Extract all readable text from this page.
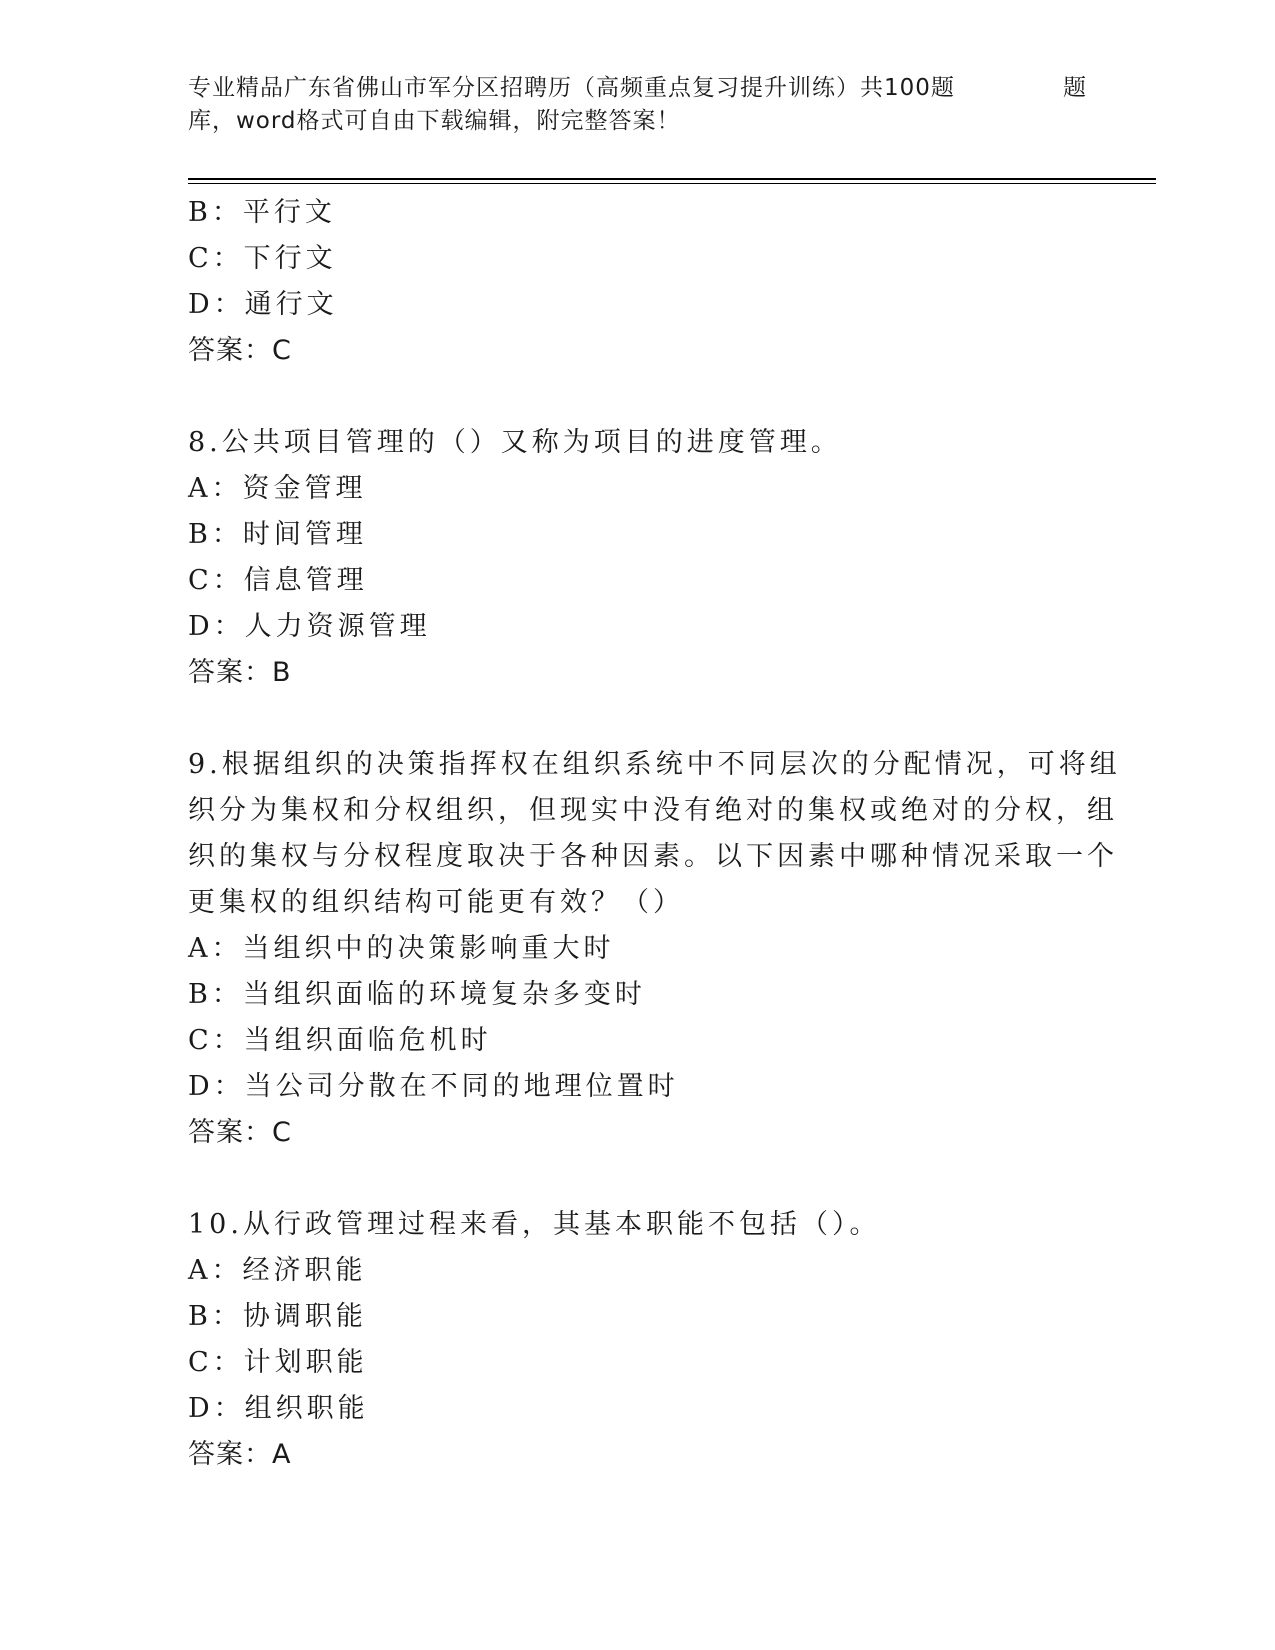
专业精品广东省佛山市军分区招聘历（高频重点复习提升训练）共100题	题
库，word格式可自由下载编辑，附完整答案！
B：平行文
C：下行文
D：通行文
答案：C
8.公共项目管理的（）又称为项目的进度管理。
A：资金管理
B：时间管理
C：信息管理
D：人力资源管理
答案：B
9.根据组织的决策指挥权在组织系统中不同层次的分配情况，可将组
织分为集权和分权组织，但现实中没有绝对的集权或绝对的分权，组
织的集权与分权程度取决于各种因素。以下因素中哪种情况采取一个
更集权的组织结构可能更有效？（）
A：当组织中的决策影响重大时
B：当组织面临的环境复杂多变时
C：当组织面临危机时
D：当公司分散在不同的地理位置时
答案：C
10.从行政管理过程来看，其基本职能不包括（）。
A：经济职能
B：协调职能
C：计划职能
D：组织职能
答案：A
